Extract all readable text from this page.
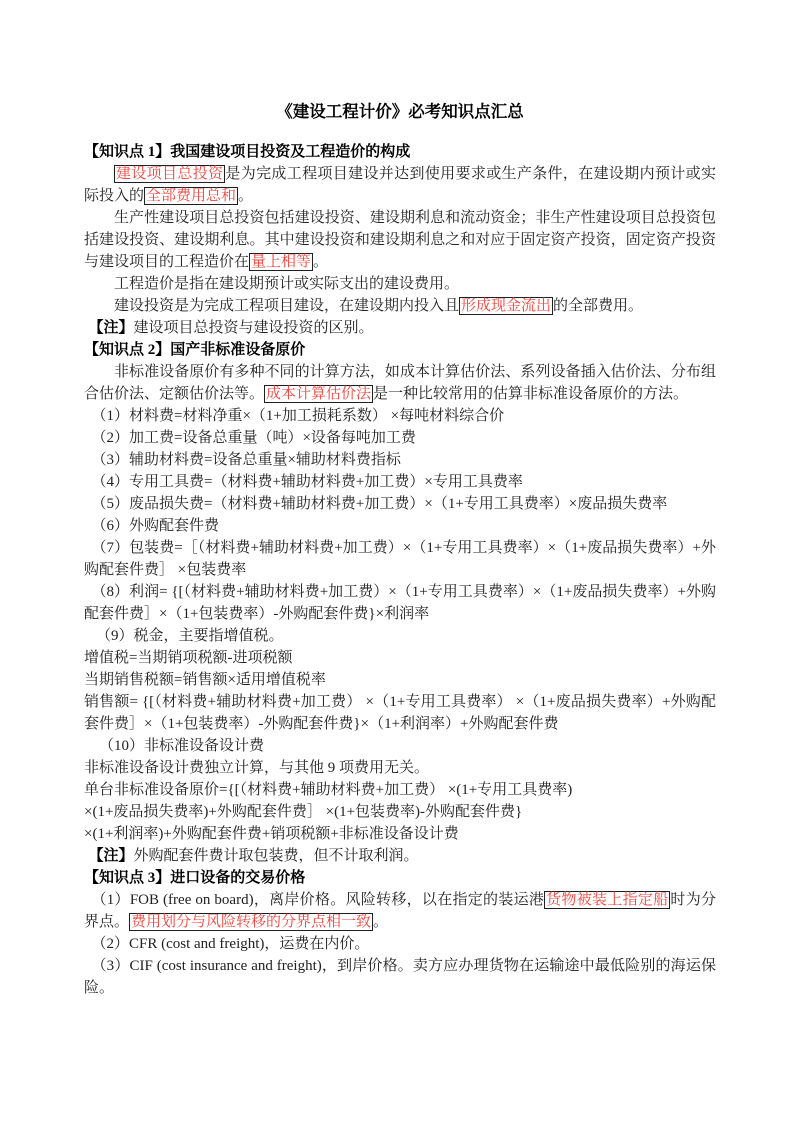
《建设工程计价》必考知识点汇总
【知识点 1】我国建设项目投资及工程造价的构成
建设项目总投资 是为完成工程项目建设并达到使用要求或生产条件，在建设期内预计或实际投入的 全部费用总和 。
生产性建设项目总投资包括建设投资、建设期利息和流动资金；非生产性建设项目总投资包括建设投资、建设期利息。其中建设投资和建设期利息之和对应于固定资产投资，固定资产投资与建设项目的工程造价在 量上相等 。
工程造价是指在建设期预计或实际支出的建设费用。
建设投资是为完成工程项目建设，在建设期内投入且 形成现金流出 的全部费用。
【注】建设项目总投资与建设投资的区别。
【知识点 2】国产非标准设备原价
非标准设备原价有多种不同的计算方法，如成本计算估价法、系列设备插入估价法、分布组合估价法、定额估价法等。 成本计算估价法 是一种比较常用的估算非标准设备原价的方法。
（1）材料费=材料净重×（1+加工损耗系数） ×每吨材料综合价
（2）加工费=设备总重量（吨）×设备每吨加工费
（3）辅助材料费=设备总重量×辅助材料费指标
（4）专用工具费=（材料费+辅助材料费+加工费）×专用工具费率
（5）废品损失费=（材料费+辅助材料费+加工费）×（1+专用工具费率）×废品损失费率
（6）外购配套件费
（7）包装费=［（材料费+辅助材料费+加工费）×（1+专用工具费率）×（1+废品损失费率）+外购配套件费］ ×包装费率
（8）利润= {[（材料费+辅助材料费+加工费）×（1+专用工具费率）×（1+废品损失费率）+外购配套件费］×（1+包装费率）-外购配套件费}×利润率
（9）税金，主要指增值税。
增值税=当期销项税额-进项税额
当期销售税额=销售额×适用增值税率
销售额= {[（材料费+辅助材料费+加工费） ×（1+专用工具费率） ×（1+废品损失费率）+外购配套件费］×（1+包装费率）-外购配套件费}×（1+利润率）+外购配套件费
（10）非标准设备设计费
非标准设备设计费独立计算，与其他 9 项费用无关。
单台非标准设备原价={[（材料费+辅助材料费+加工费） ×(1+专用工具费率)
×(1+废品损失费率)+外购配套件费］ ×(1+包装费率)-外购配套件费}
×(1+利润率)+外购配套件费+销项税额+非标准设备设计费
【注】外购配套件费计取包装费，但不计取利润。
【知识点 3】进口设备的交易价格
（1）FOB (free on board)，离岸价格。风险转移，以在指定的装运港 货物被装上指定船 时为分界点。 费用划分与风险转移的分界点相一致 。
（2）CFR (cost and freight)，运费在内价。
（3）CIF (cost insurance and freight)，到岸价格。卖方应办理货物在运输途中最低险别的海运保险。
